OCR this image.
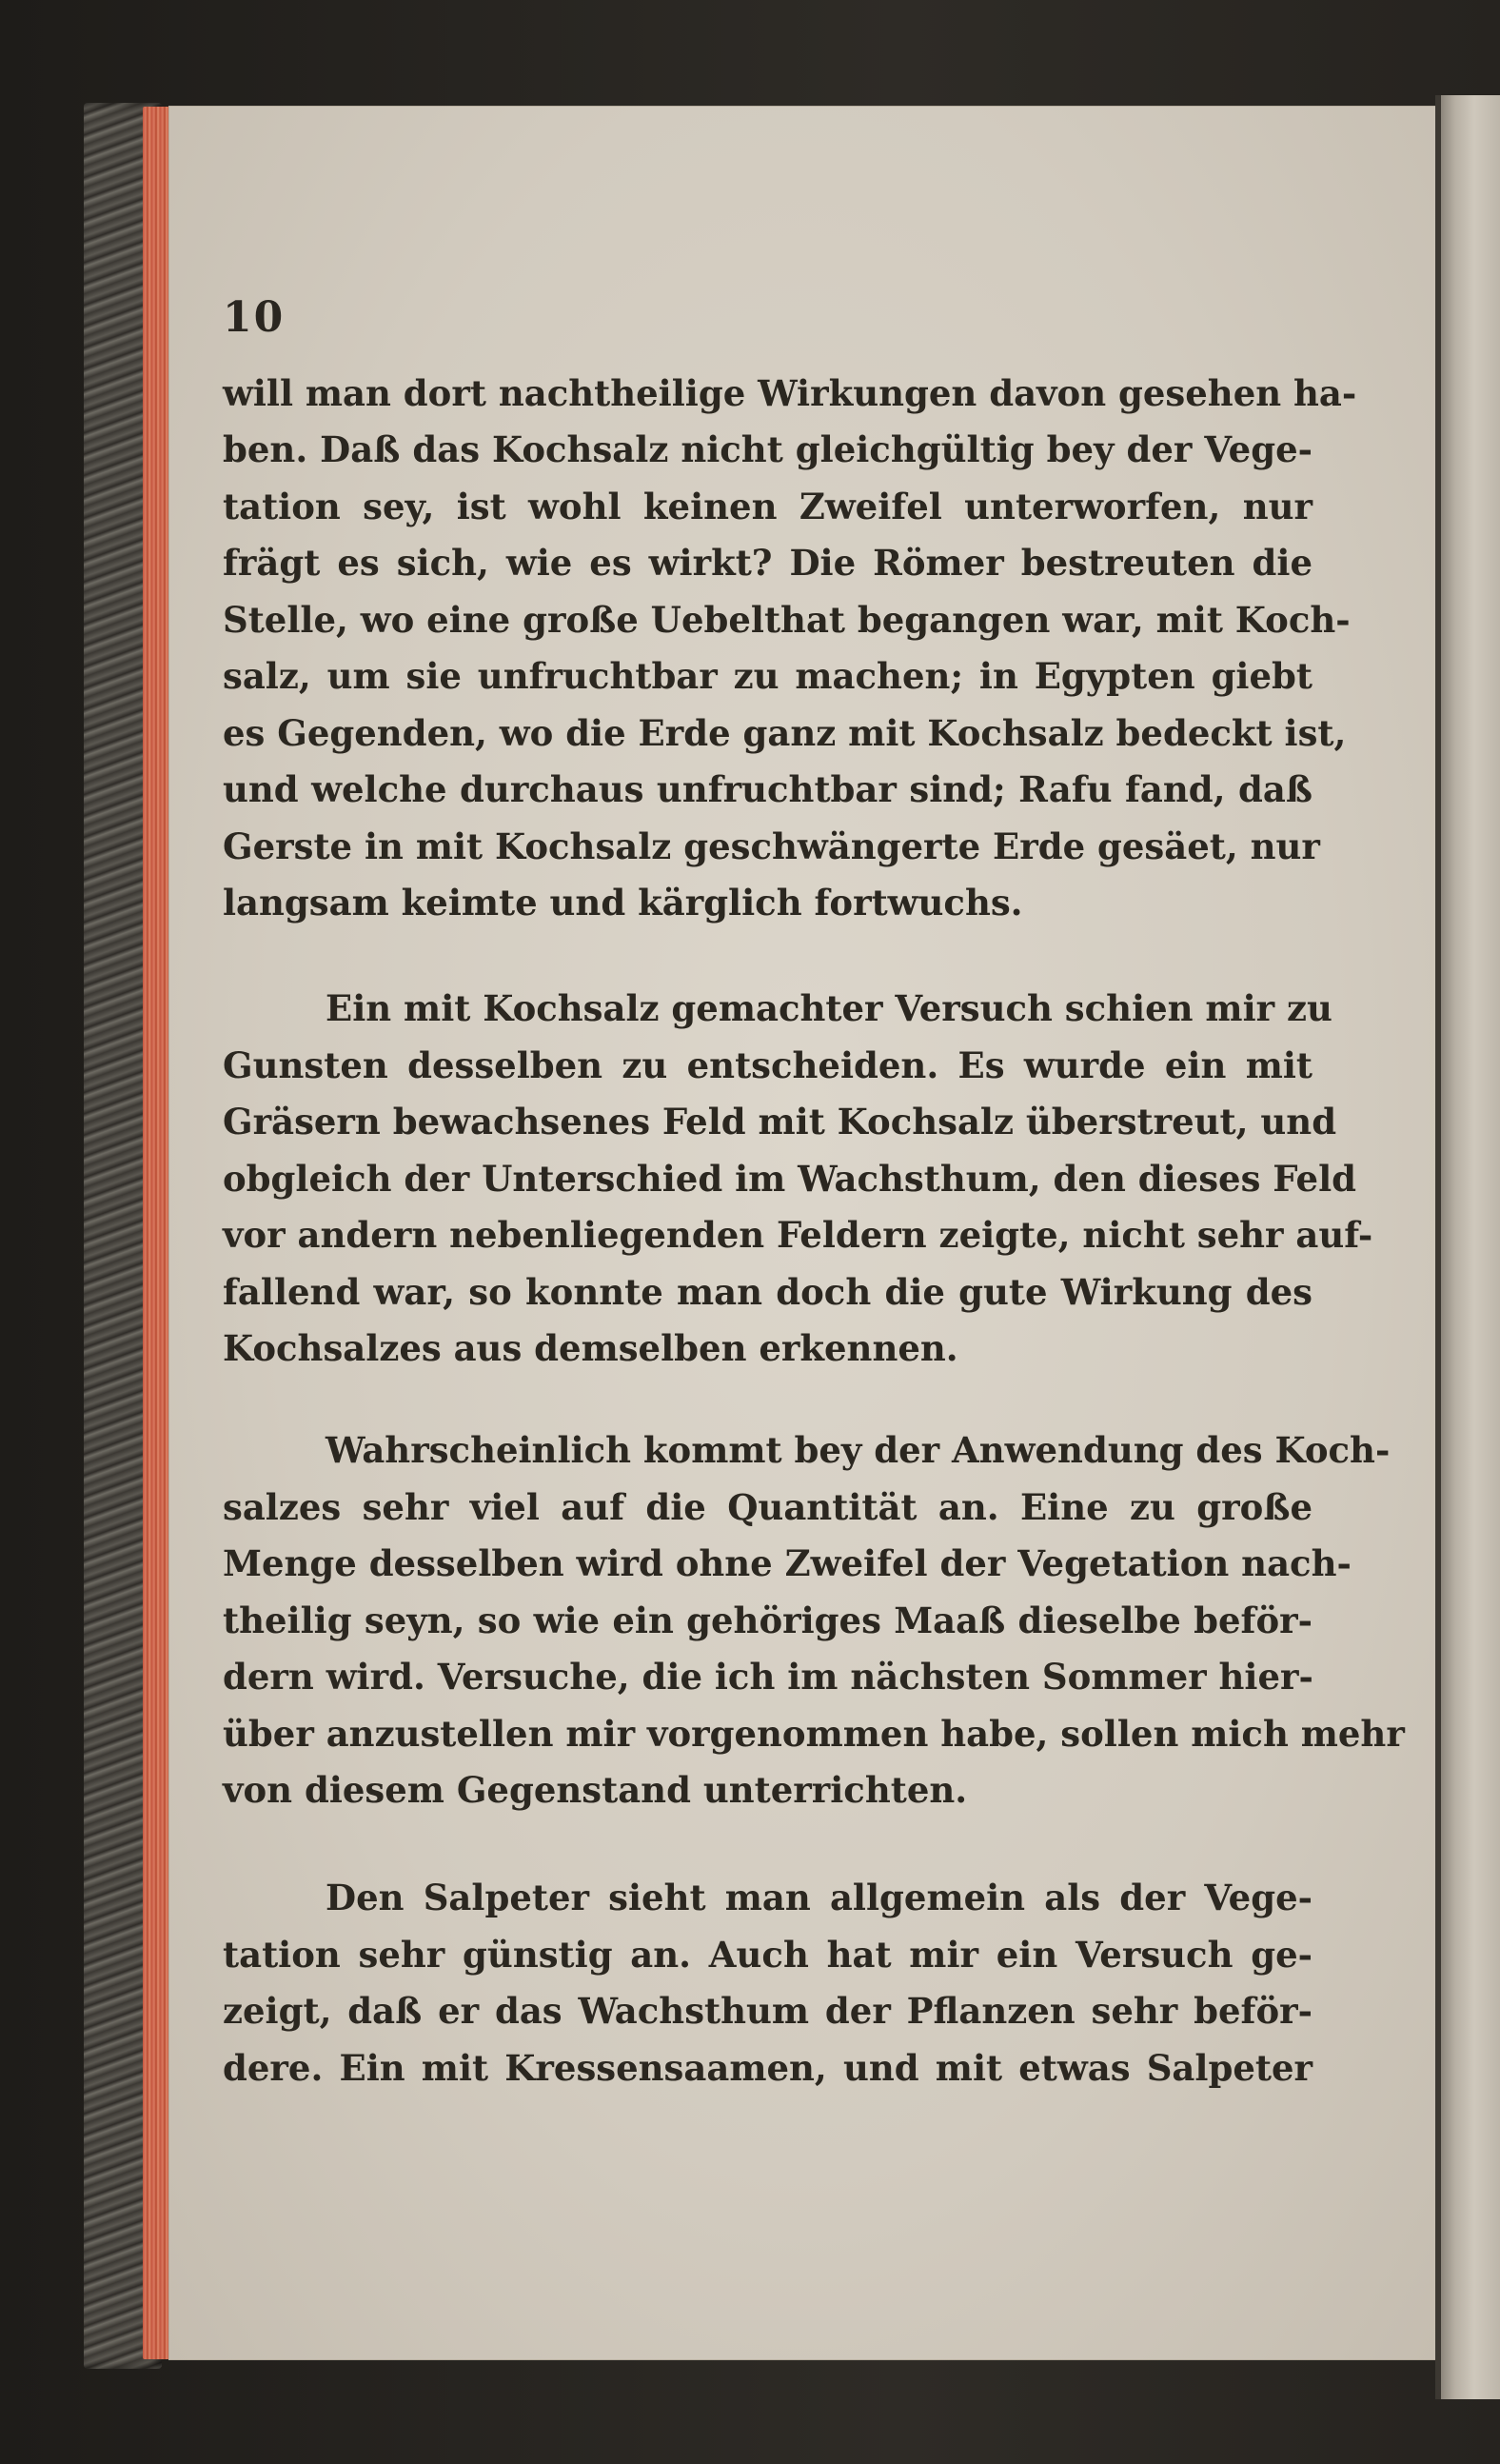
10
will man dort nachtheilige Wirkungen davon gesehen ha-
ben. Daß das Kochsalz nicht gleichgültig bey der Vege-
tation sey, ist wohl keinen Zweifel unterworfen, nur
frägt es sich, wie es wirkt? Die Römer bestreuten die
Stelle, wo eine große Uebelthat begangen war, mit Koch-
salz, um sie unfruchtbar zu machen; in Egypten giebt
es Gegenden, wo die Erde ganz mit Kochsalz bedeckt ist,
und welche durchaus unfruchtbar sind; Rafu fand, daß
Gerste in mit Kochsalz geschwängerte Erde gesäet, nur
langsam keimte und kärglich fortwuchs.
Ein mit Kochsalz gemachter Versuch schien mir zu
Gunsten desselben zu entscheiden. Es wurde ein mit
Gräsern bewachsenes Feld mit Kochsalz überstreut, und
obgleich der Unterschied im Wachsthum, den dieses Feld
vor andern nebenliegenden Feldern zeigte, nicht sehr auf-
fallend war, so konnte man doch die gute Wirkung des
Kochsalzes aus demselben erkennen.
Wahrscheinlich kommt bey der Anwendung des Koch-
salzes sehr viel auf die Quantität an. Eine zu große
Menge desselben wird ohne Zweifel der Vegetation nach-
theilig seyn, so wie ein gehöriges Maaß dieselbe beför-
dern wird. Versuche, die ich im nächsten Sommer hier-
über anzustellen mir vorgenommen habe, sollen mich mehr
von diesem Gegenstand unterrichten.
Den Salpeter sieht man allgemein als der Vege-
tation sehr günstig an. Auch hat mir ein Versuch ge-
zeigt, daß er das Wachsthum der Pflanzen sehr beför-
dere. Ein mit Kressensaamen, und mit etwas Salpeter
